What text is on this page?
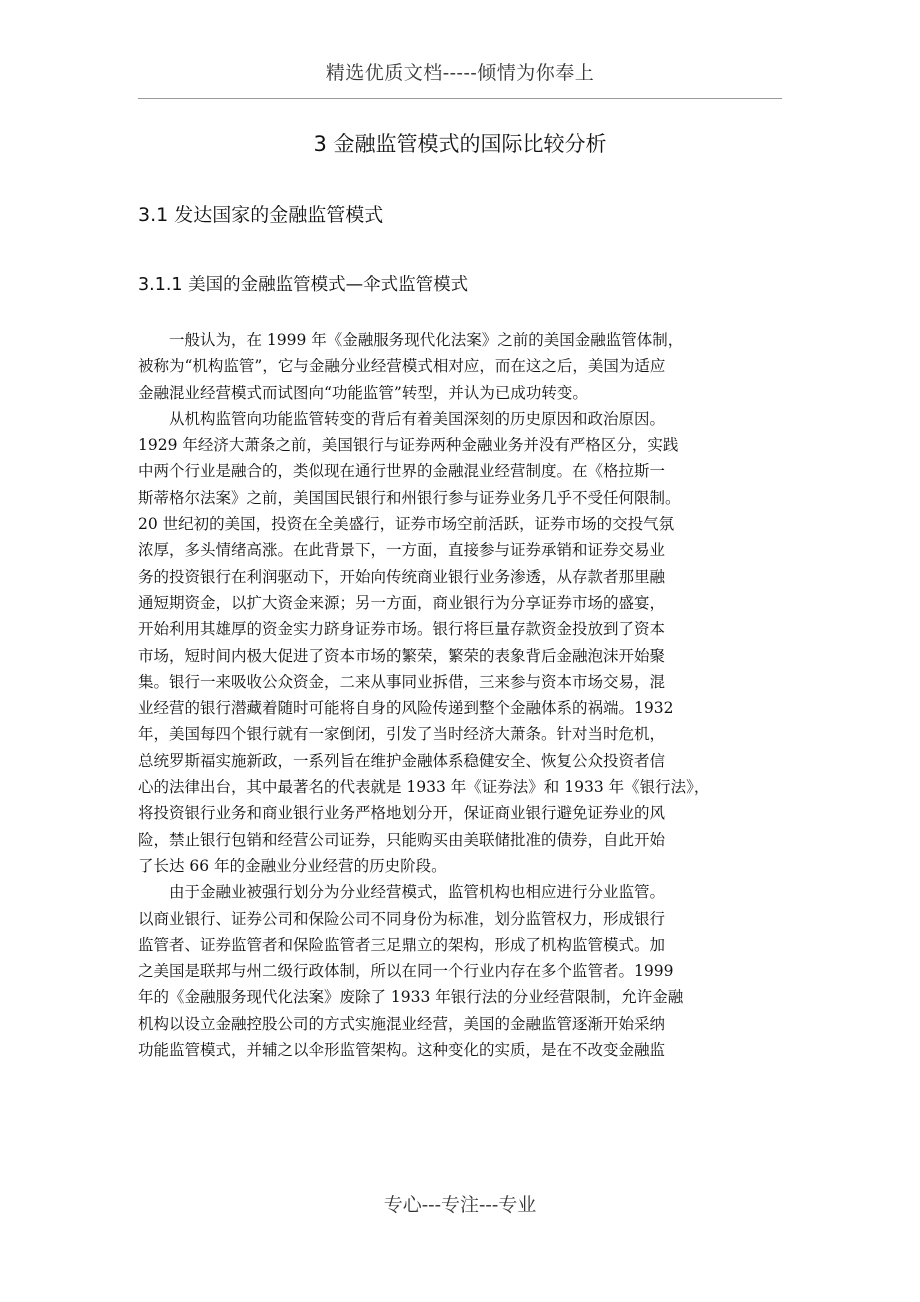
精选优质文档-----倾情为你奉上
3 金融监管模式的国际比较分析
3.1 发达国家的金融监管模式
3.1.1 美国的金融监管模式—伞式监管模式
一般认为，在 1999 年《金融服务现代化法案》之前的美国金融监管体制，
被称为“机构监管”，它与金融分业经营模式相对应，而在这之后，美国为适应
金融混业经营模式而试图向“功能监管”转型，并认为已成功转变。
从机构监管向功能监管转变的背后有着美国深刻的历史原因和政治原因。
1929 年经济大萧条之前，美国银行与证券两种金融业务并没有严格区分，实践
中两个行业是融合的，类似现在通行世界的金融混业经营制度。在《格拉斯一
斯蒂格尔法案》之前，美国国民银行和州银行参与证券业务几乎不受任何限制。
20 世纪初的美国，投资在全美盛行，证券市场空前活跃，证券市场的交投气氛
浓厚，多头情绪高涨。在此背景下，一方面，直接参与证券承销和证券交易业
务的投资银行在利润驱动下，开始向传统商业银行业务渗透，从存款者那里融
通短期资金，以扩大资金来源；另一方面，商业银行为分享证券市场的盛宴，
开始利用其雄厚的资金实力跻身证券市场。银行将巨量存款资金投放到了资本
市场，短时间内极大促进了资本市场的繁荣，繁荣的表象背后金融泡沫开始聚
集。银行一来吸收公众资金，二来从事同业拆借，三来参与资本市场交易，混
业经营的银行潜藏着随时可能将自身的风险传递到整个金融体系的祸端。1932
年，美国每四个银行就有一家倒闭，引发了当时经济大萧条。针对当时危机，
总统罗斯福实施新政，一系列旨在维护金融体系稳健安全、恢复公众投资者信
心的法律出台，其中最著名的代表就是 1933 年《证券法》和 1933 年《银行法》，
将投资银行业务和商业银行业务严格地划分开，保证商业银行避免证券业的风
险，禁止银行包销和经营公司证券，只能购买由美联储批准的债券，自此开始
了长达 66 年的金融业分业经营的历史阶段。
由于金融业被强行划分为分业经营模式，监管机构也相应进行分业监管。
以商业银行、证券公司和保险公司不同身份为标准，划分监管权力，形成银行
监管者、证券监管者和保险监管者三足鼎立的架构，形成了机构监管模式。加
之美国是联邦与州二级行政体制，所以在同一个行业内存在多个监管者。1999
年的《金融服务现代化法案》废除了 1933 年银行法的分业经营限制，允许金融
机构以设立金融控股公司的方式实施混业经营，美国的金融监管逐渐开始采纳
功能监管模式，并辅之以伞形监管架构。这种变化的实质，是在不改变金融监
专心---专注---专业
